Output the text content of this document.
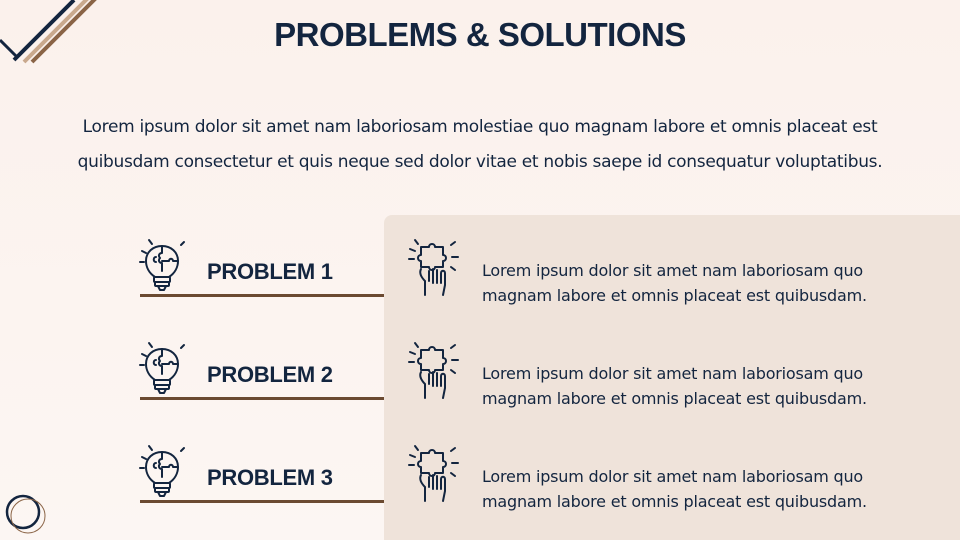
PROBLEMS & SOLUTIONS

Lorem ipsum dolor sit amet nam laboriosam molestiae quo magnam labore et omnis placeat est quibusdam consectetur et quis neque sed dolor vitae et nobis saepe id consequatur voluptatibus.

PROBLEM 1
PROBLEM 2
PROBLEM 3
Lorem ipsum dolor sit amet nam laboriosam quo magnam labore et omnis placeat est quibusdam.
Lorem ipsum dolor sit amet nam laboriosam quo magnam labore et omnis placeat est quibusdam.
Lorem ipsum dolor sit amet nam laboriosam quo magnam labore et omnis placeat est quibusdam.
